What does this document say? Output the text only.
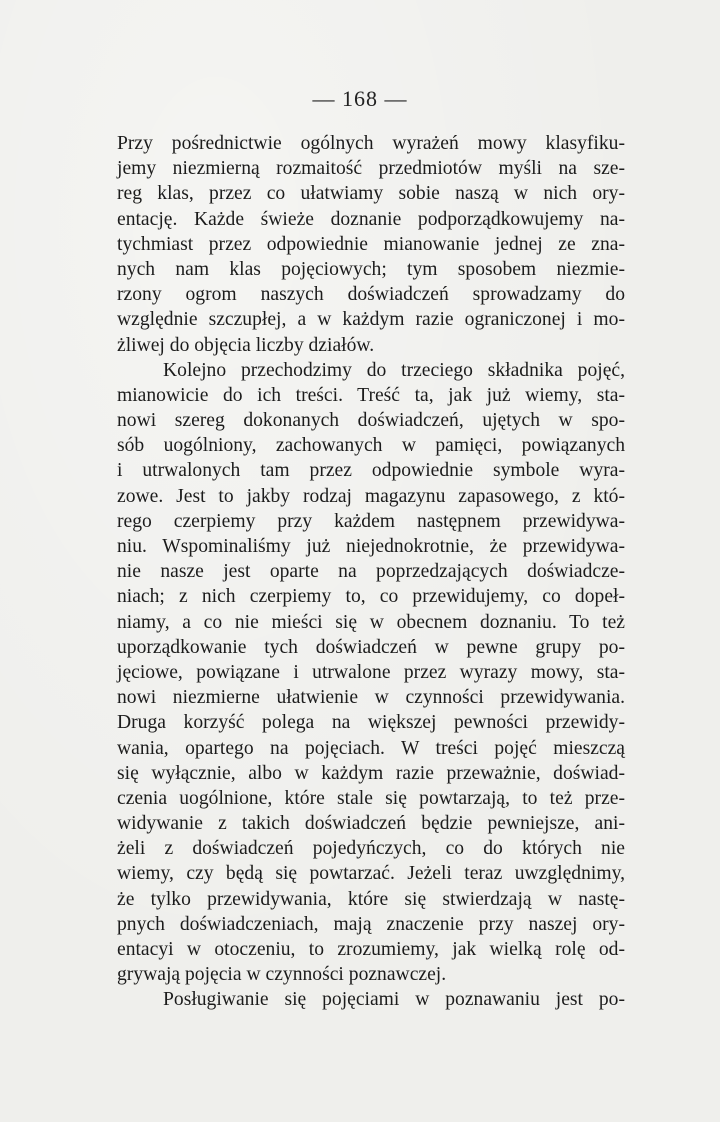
— 168 —
Przy pośrednictwie ogólnych wyrażeń mowy klasyfiku-
jemy niezmierną rozmaitość przedmiotów myśli na sze-
reg klas, przez co ułatwiamy sobie naszą w nich ory-
entację. Każde świeże doznanie podporządkowujemy na-
tychmiast przez odpowiednie mianowanie jednej ze zna-
nych nam klas pojęciowych; tym sposobem niezmie-
rzony ogrom naszych doświadczeń sprowadzamy do
względnie szczupłej, a w każdym razie ograniczonej i mo-
żliwej do objęcia liczby działów.
Kolejno przechodzimy do trzeciego składnika pojęć,
mianowicie do ich treści. Treść ta, jak już wiemy, sta-
nowi szereg dokonanych doświadczeń, ujętych w spo-
sób uogólniony, zachowanych w pamięci, powiązanych
i utrwalonych tam przez odpowiednie symbole wyra-
zowe. Jest to jakby rodzaj magazynu zapasowego, z któ-
rego czerpiemy przy każdem następnem przewidywa-
niu. Wspominaliśmy już niejednokrotnie, że przewidywa-
nie nasze jest oparte na poprzedzających doświadcze-
niach; z nich czerpiemy to, co przewidujemy, co dopeł-
niamy, a co nie mieści się w obecnem doznaniu. To też
uporządkowanie tych doświadczeń w pewne grupy po-
jęciowe, powiązane i utrwalone przez wyrazy mowy, sta-
nowi niezmierne ułatwienie w czynności przewidywania.
Druga korzyść polega na większej pewności przewidy-
wania, opartego na pojęciach. W treści pojęć mieszczą
się wyłącznie, albo w każdym razie przeważnie, doświad-
czenia uogólnione, które stale się powtarzają, to też prze-
widywanie z takich doświadczeń będzie pewniejsze, ani-
żeli z doświadczeń pojedyńczych, co do których nie
wiemy, czy będą się powtarzać. Jeżeli teraz uwzględnimy,
że tylko przewidywania, które się stwierdzają w nastę-
pnych doświadczeniach, mają znaczenie przy naszej ory-
entacyi w otoczeniu, to zrozumiemy, jak wielką rolę od-
grywają pojęcia w czynności poznawczej.
Posługiwanie się pojęciami w poznawaniu jest po-
